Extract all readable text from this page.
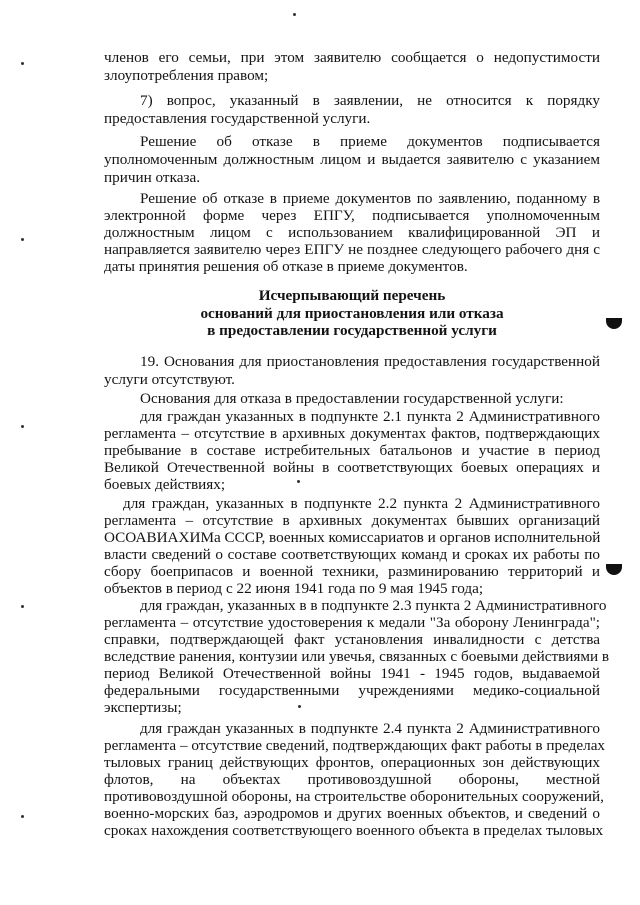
членов его семьи, при этом заявителю сообщается о недопустимости
злоупотребления правом;
7) вопрос, указанный в заявлении, не относится к порядку
предоставления государственной услуги.
Решение об отказе в приеме документов подписывается
уполномоченным должностным лицом и выдается заявителю с указанием
причин отказа.
Решение об отказе в приеме документов по заявлению, поданному в
электронной форме через ЕПГУ, подписывается уполномоченным
должностным лицом с использованием квалифицированной ЭП и
направляется заявителю через ЕПГУ не позднее следующего рабочего дня с
даты принятия решения об отказе в приеме документов.
Исчерпывающий перечень
оснований для приостановления или отказа
в предоставлении государственной услуги
19. Основания для приостановления предоставления государственной
услуги отсутствуют.
Основания для отказа в предоставлении государственной услуги:
для граждан указанных в подпункте 2.1 пункта 2 Административного
регламента – отсутствие в архивных документах фактов, подтверждающих
пребывание в составе истребительных батальонов и участие в период
Великой Отечественной войны в соответствующих боевых операциях и
боевых действиях;
для граждан, указанных в подпункте 2.2 пункта 2 Административного
регламента – отсутствие в архивных документах бывших организаций
ОСОАВИАХИМа СССР, военных комиссариатов и органов исполнительной
власти сведений о составе соответствующих команд и сроках их работы по
сбору боеприпасов и военной техники, разминированию территорий и
объектов в период с 22 июня 1941 года по 9 мая 1945 года;
для граждан, указанных в в подпункте 2.3 пункта 2 Административного
регламента – отсутствие удостоверения к медали "За оборону Ленинграда";
справки, подтверждающей факт установления инвалидности с детства
вследствие ранения, контузии или увечья, связанных с боевыми действиями в
период Великой Отечественной войны 1941 - 1945 годов, выдаваемой
федеральными государственными учреждениями медико-социальной
экспертизы;
для граждан указанных в подпункте 2.4 пункта 2 Административного
регламента – отсутствие сведений, подтверждающих факт работы в пределах
тыловых границ действующих фронтов, операционных зон действующих
флотов, на объектах противовоздушной обороны, местной
противовоздушной обороны, на строительстве оборонительных сооружений,
военно-морских баз, аэродромов и других военных объектов, и сведений о
сроках нахождения соответствующего военного объекта в пределах тыловых
